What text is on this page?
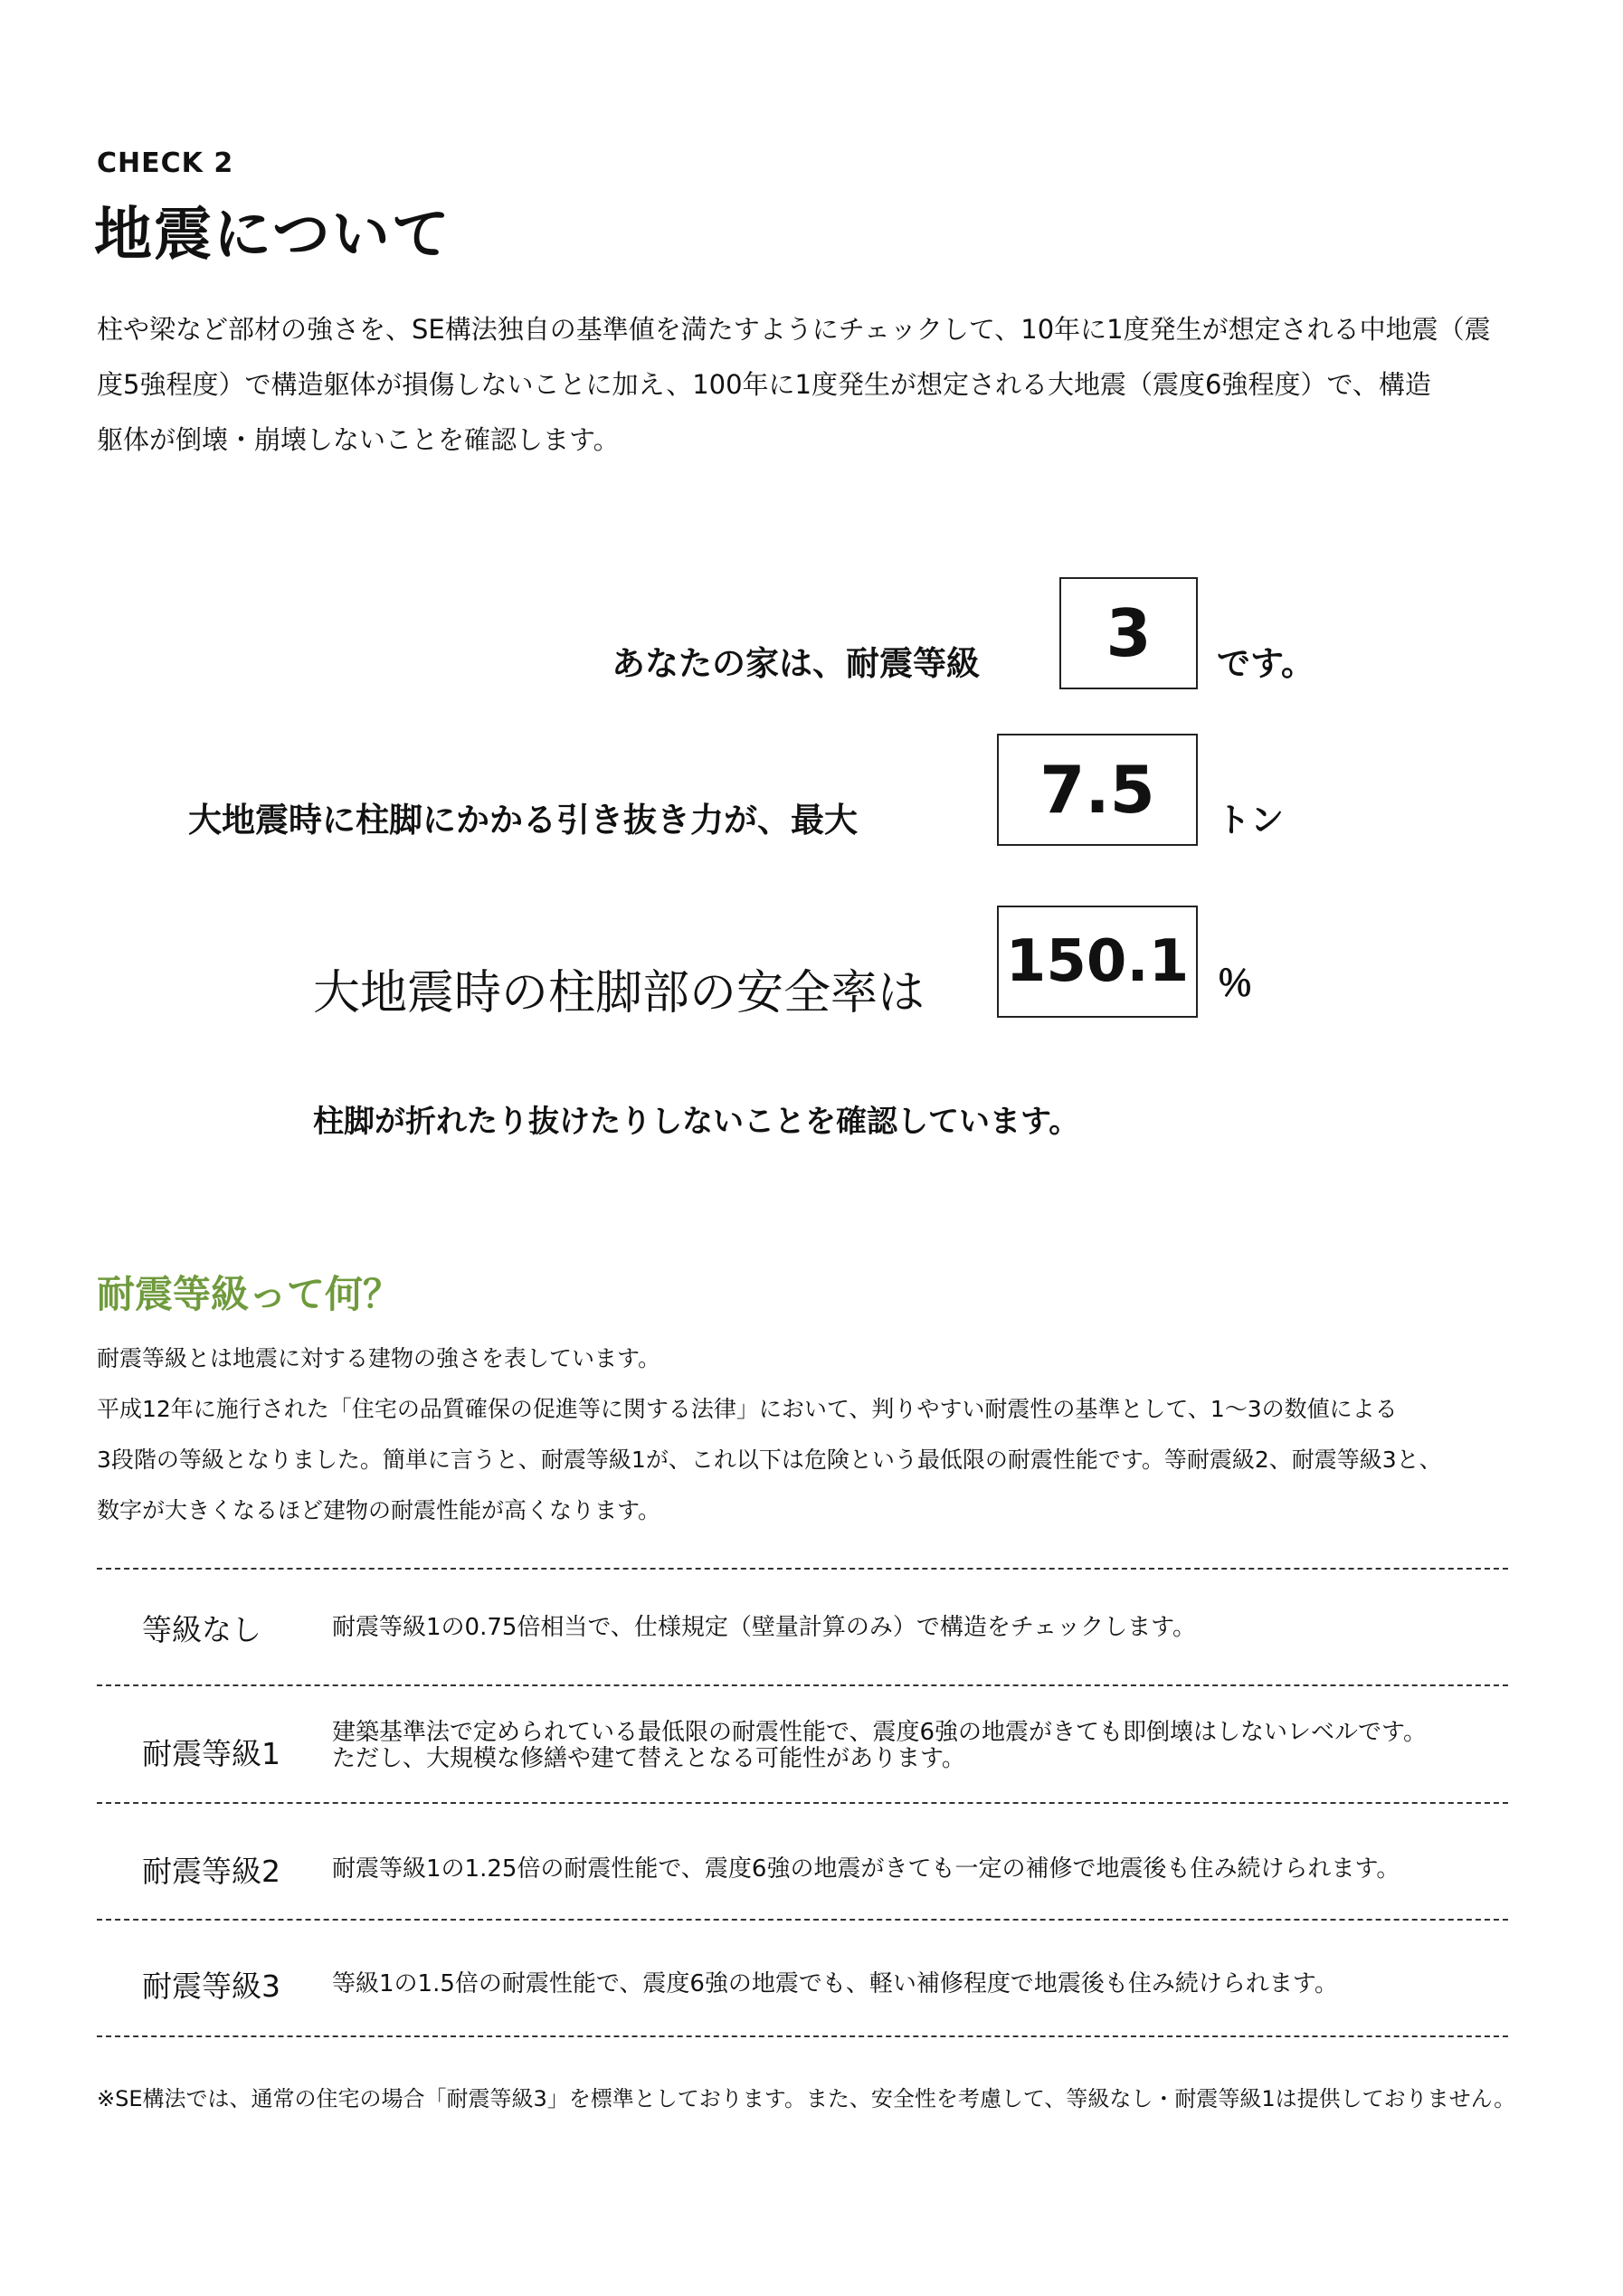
CHECK 2
地震について
柱や梁など部材の強さを、SE構法独自の基準値を満たすようにチェックして、10年に1度発生が想定される中地震（震
度5強程度）で構造躯体が損傷しないことに加え、100年に1度発生が想定される大地震（震度6強程度）で、構造
躯体が倒壊・崩壊しないことを確認します。
あなたの家は、耐震等級	3	です。
大地震時に柱脚にかかる引き抜き力が、最大	7.5	トン
大地震時の柱脚部の安全率は 150.1 ％
柱脚が折れたり抜けたりしないことを確認しています。
耐震等級って何？
耐震等級とは地震に対する建物の強さを表しています。
平成12年に施行された「住宅の品質確保の促進等に関する法律」において、判りやすい耐震性の基準として、1～3の数値による
3段階の等級となりました。簡単に言うと、耐震等級1が、これ以下は危険という最低限の耐震性能です。等耐震級2、耐震等級3と、
数字が大きくなるほど建物の耐震性能が高くなります。
等級なし	耐震等級1の0.75倍相当で、仕様規定（壁量計算のみ）で構造をチェックします。
耐震等級1
建築基準法で定められている最低限の耐震性能で、震度6強の地震がきても即倒壊はしないレベルです。
ただし、大規模な修繕や建て替えとなる可能性があります。
耐震等級2 耐震等級1の1.25倍の耐震性能で、震度6強の地震がきても一定の補修で地震後も住み続けられます。
耐震等級3 等級1の1.5倍の耐震性能で、震度6強の地震でも、軽い補修程度で地震後も住み続けられます。
※SE構法では、通常の住宅の場合「耐震等級3」を標準としております。また、安全性を考慮して、等級なし・耐震等級1は提供しておりません。
